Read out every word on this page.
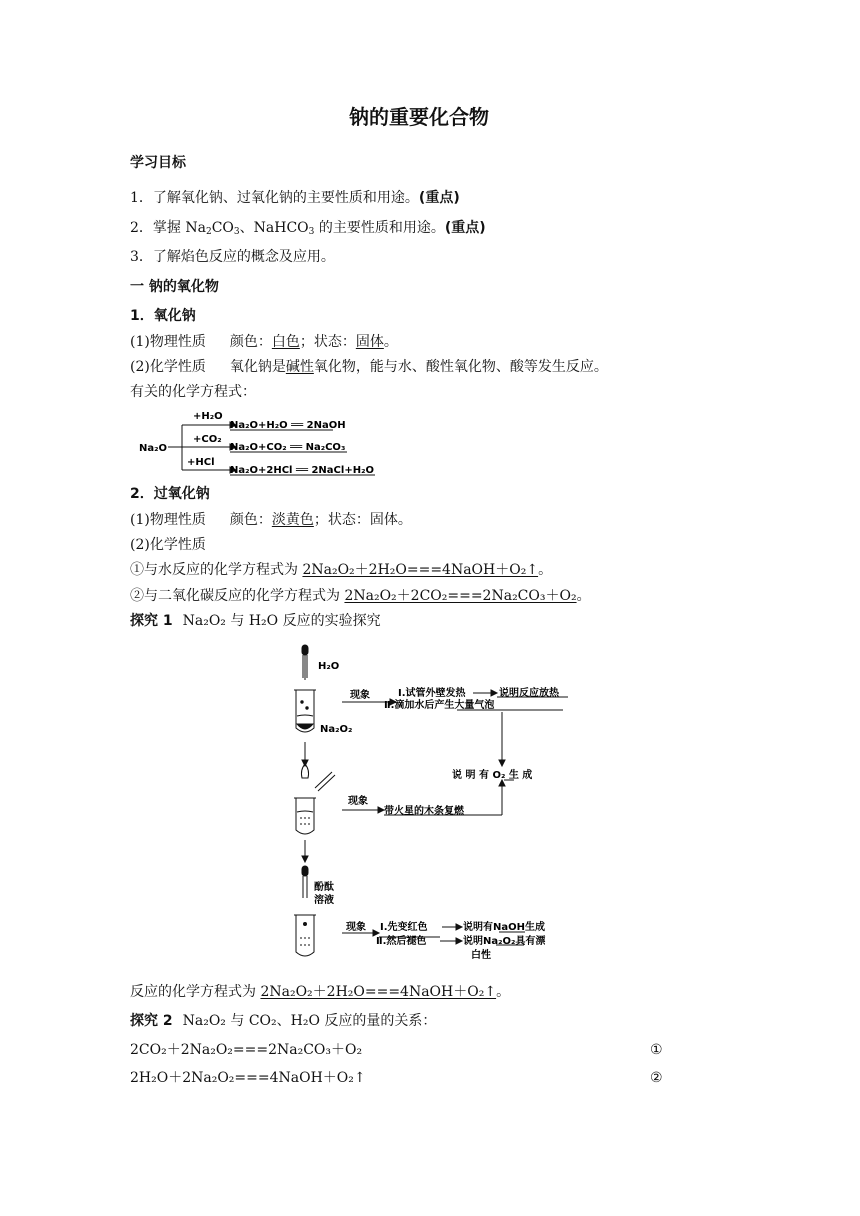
钠的重要化合物
学习目标
1．了解氧化钠、过氧化钠的主要性质和用途。(重点)
2．掌握 $Na_2CO_3$、NaHCO$_3$ 的主要性质和用途。(重点)
3．了解焰色反应的概念及应用。
一 钠的氧化物
1．氧化钠
(1)物理性质 颜色：白色；状态：固体。
(2)化学性质 氧化钠是碱性氧化物，能与水、酸性氧化物、酸等发生反应。
有关的化学方程式：
Na₂O
+H₂O
Na₂O+H₂O ══ 2NaOH
+CO₂
Na₂O+CO₂ ══ Na₂CO₃
+HCl
Na₂O+2HCl ══ 2NaCl+H₂O
2．过氧化钠
(1)物理性质 颜色：淡黄色；状态：固体。
(2)化学性质
①与水反应的化学方程式为 2Na₂O₂＋2H₂O===4NaOH＋O₂↑。
②与二氧化碳反应的化学方程式为 2Na₂O₂＋2CO₂===2Na₂CO₃＋O₂。
探究 1 Na₂O₂ 与 H₂O 反应的实验探究
H₂O
Na₂O₂
现象	Ⅰ.试管外壁发热	说明反应放热
Ⅱ.滴加水后产生大量气泡
说 明 有 O₂ 生 成
现象
带火星的木条复燃
酚酞
溶液
现象 Ⅰ.先变红色	说明有NaOH生成
Ⅱ.然后褪色	说明Na₂O₂具有漂
白性
反应的化学方程式为 2Na₂O₂＋2H₂O===4NaOH＋O₂↑。
探究 2 Na₂O₂ 与 CO₂、H₂O 反应的量的关系：
2CO₂＋2Na₂O₂===2Na₂CO₃＋O₂	①
2H₂O＋2Na₂O₂===4NaOH＋O₂↑	②
